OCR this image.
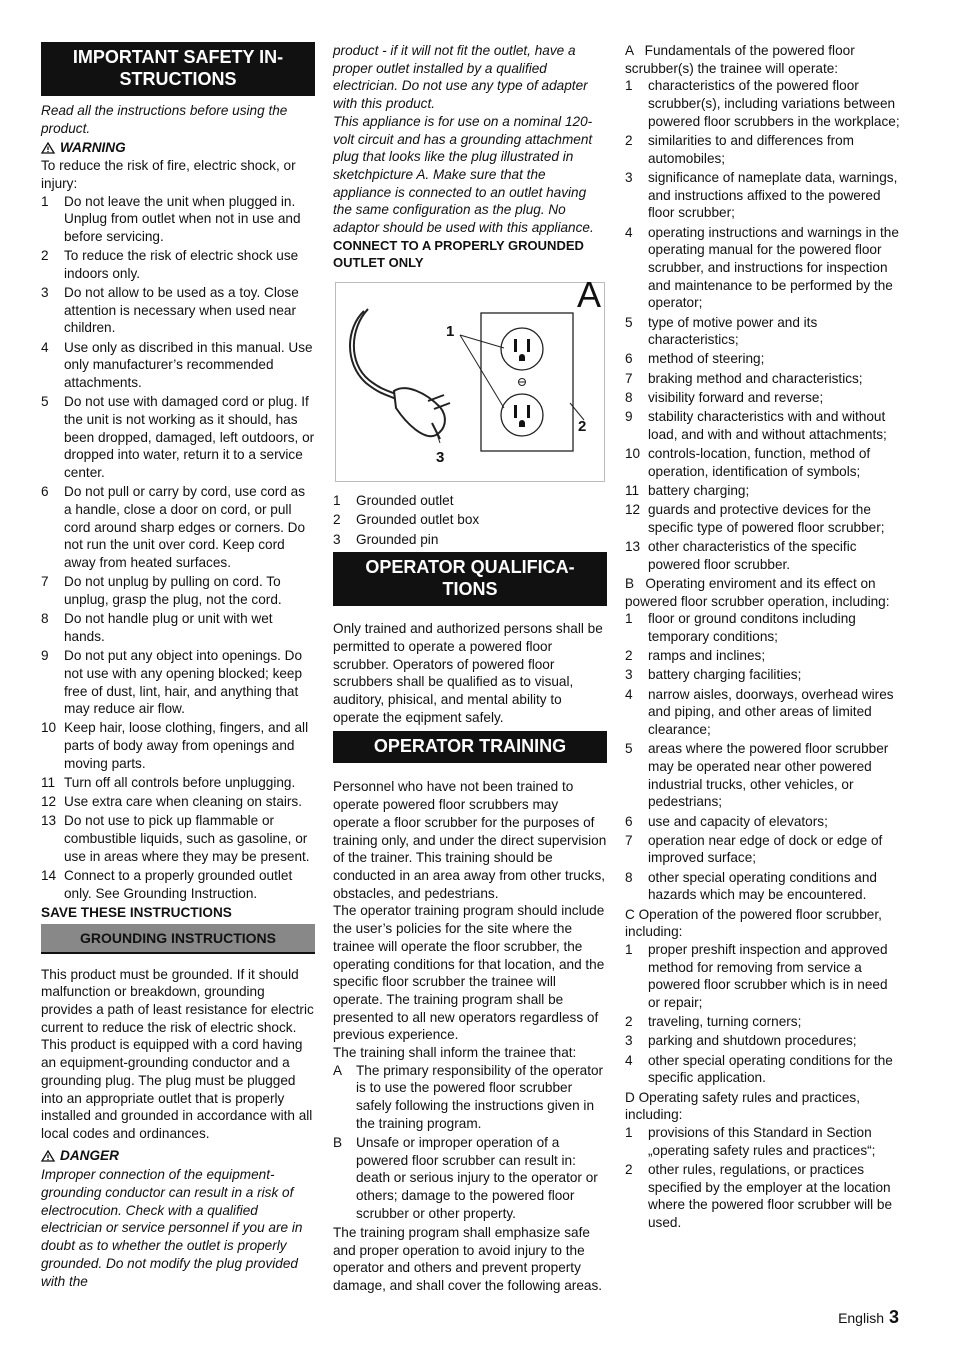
IMPORTANT SAFETY IN-
STRUCTIONS

Read all the instructions before using the product.

WARNING

To reduce the risk of fire, electric shock, or injury:

1 Do not leave the unit when plugged in. Unplug from outlet when not in use and before servicing.
2 To reduce the risk of electric shock use indoors only.
3 Do not allow to be used as a toy. Close attention is necessary when used near children.
4 Use only as discribed in this manual. Use only manufacturer’s recommended attachments.
5 Do not use with damaged cord or plug. If the unit is not working as it should, has been dropped, damaged, left outdoors, or dropped into water, return it to a service center.
6 Do not pull or carry by cord, use cord as a handle, close a door on cord, or pull cord around sharp edges or corners. Do not run the unit over cord. Keep cord away from heated surfaces.
7 Do not unplug by pulling on cord. To unplug, grasp the plug, not the cord.
8 Do not handle plug or unit with wet hands.
9 Do not put any object into openings. Do not use with any opening blocked; keep free of dust, lint, hair, and anything that may reduce air flow.
10 Keep hair, loose clothing, fingers, and all parts of body away from openings and moving parts.
11 Turn off all controls before unplugging.
12 Use extra care when cleaning on stairs.
13 Do not use to pick up flammable or combustible liquids, such as gasoline, or use in areas where they may be present.
14 Connect to a properly grounded outlet only. See Grounding Instruction.

SAVE THESE INSTRUCTIONS

GROUNDING INSTRUCTIONS

This product must be grounded. If it should malfunction or breakdown, grounding provides a path of least resistance for electric current to reduce the risk of electric shock. This product is equipped with a cord having an equipment-grounding conductor and a grounding plug. The plug must be plugged into an appropriate outlet that is properly installed and grounded in accordance with all local codes and ordinances.

DANGER

Improper connection of the equipment-grounding conductor can result in a risk of electrocution. Check with a qualified electrician or service personnel if you are in doubt as to whether the outlet is properly grounded. Do not modify the plug provided with the

product - if it will not fit the outlet, have a proper outlet installed by a qualified electrician. Do not use any type of adapter with this product.

This appliance is for use on a nominal 120-volt circuit and has a grounding attachment plug that looks like the plug illustrated in sketchpicture A. Make sure that the appliance is connected to an outlet having the same configuration as the plug. No adaptor should be used with this appliance.

CONNECT TO A PROPERLY GROUNDED OUTLET ONLY

A
1
2
3
1 Grounded outlet
2 Grounded outlet box
3 Grounded pin
OPERATOR QUALIFICA-
TIONS

Only trained and authorized persons shall be permitted to operate a powered floor scrubber. Operators of powered floor scrubbers shall be qualified as to visual, auditory, phisical, and mental ability to operate the eqipment safely.

OPERATOR TRAINING

Personnel who have not been trained to operate powered floor scrubbers may operate a floor scrubber for the purposes of training only, and under the direct supervision of the trainer. This training should be conducted in an area away from other trucks, obstacles, and pedestrians.

The operator training program should include the user’s policies for the site where the trainee will operate the floor scrubber, the operating conditions for that location, and the specific floor scrubber the trainee will operate. The training program shall be presented to all new operators regardless of previous experience.

The training shall inform the trainee that:

A The primary responsibility of the operator is to use the powered floor scrubber safely following the instructions given in the training program.
B Unsafe or improper operation of a powered floor scrubber can result in: death or serious injury to the operator or others; damage to the powered floor scrubber or other property.

The training program shall emphasize safe and proper operation to avoid injury to the operator and others and prevent property damage, and shall cover the following areas.

A   Fundamentals of the powered floor scrubber(s) the trainee will operate:

1 characteristics of the powered floor scrubber(s), including variations between powered floor scrubbers in the workplace;
2 similarities to and differences from automobiles;
3 significance of nameplate data, warnings, and instructions affixed to the powered floor scrubber;
4 operating instructions and warnings in the operating manual for the powered floor scrubber, and instructions for inspection and maintenance to be performed by the operator;
5 type of motive power and its characteristics;
6 method of steering;
7 braking method and characteristics;
8 visibility forward and reverse;
9 stability characteristics with and without load, and with and without attachments;
10 controls-location, function, method of operation, identification of symbols;
11 battery charging;
12 guards and protective devices for the specific type of powered floor scrubber;
13 other characteristics of the specific powered floor scrubber.

B   Operating enviroment and its effect on powered floor scrubber operation, including:

1 floor or ground conditons including temporary conditions;
2 ramps and inclines;
3 battery charging facilities;
4 narrow aisles, doorways, overhead wires and piping, and other areas of limited clearance;
5 areas where the powered floor scrubber may be operated near other powered industrial trucks, other vehicles, or pedestrians;
6 use and capacity of elevators;
7 operation near edge of dock or edge of improved surface;
8 other special operating conditions and hazards which may be encountered.

C Operation of the powered floor scrubber, including:

1 proper preshift inspection and approved method for removing from service a powered floor scrubber which is in need or repair;
2 traveling, turning corners;
3 parking and shutdown procedures;
4 other special operating conditions for the specific application.

D Operating safety rules and practices, including:

1 provisions of this Standard in Section „operating safety rules and practices“;
2 other rules, regulations, or practices specified by the employer at the location where the powered floor scrubber will be used.
English 3
